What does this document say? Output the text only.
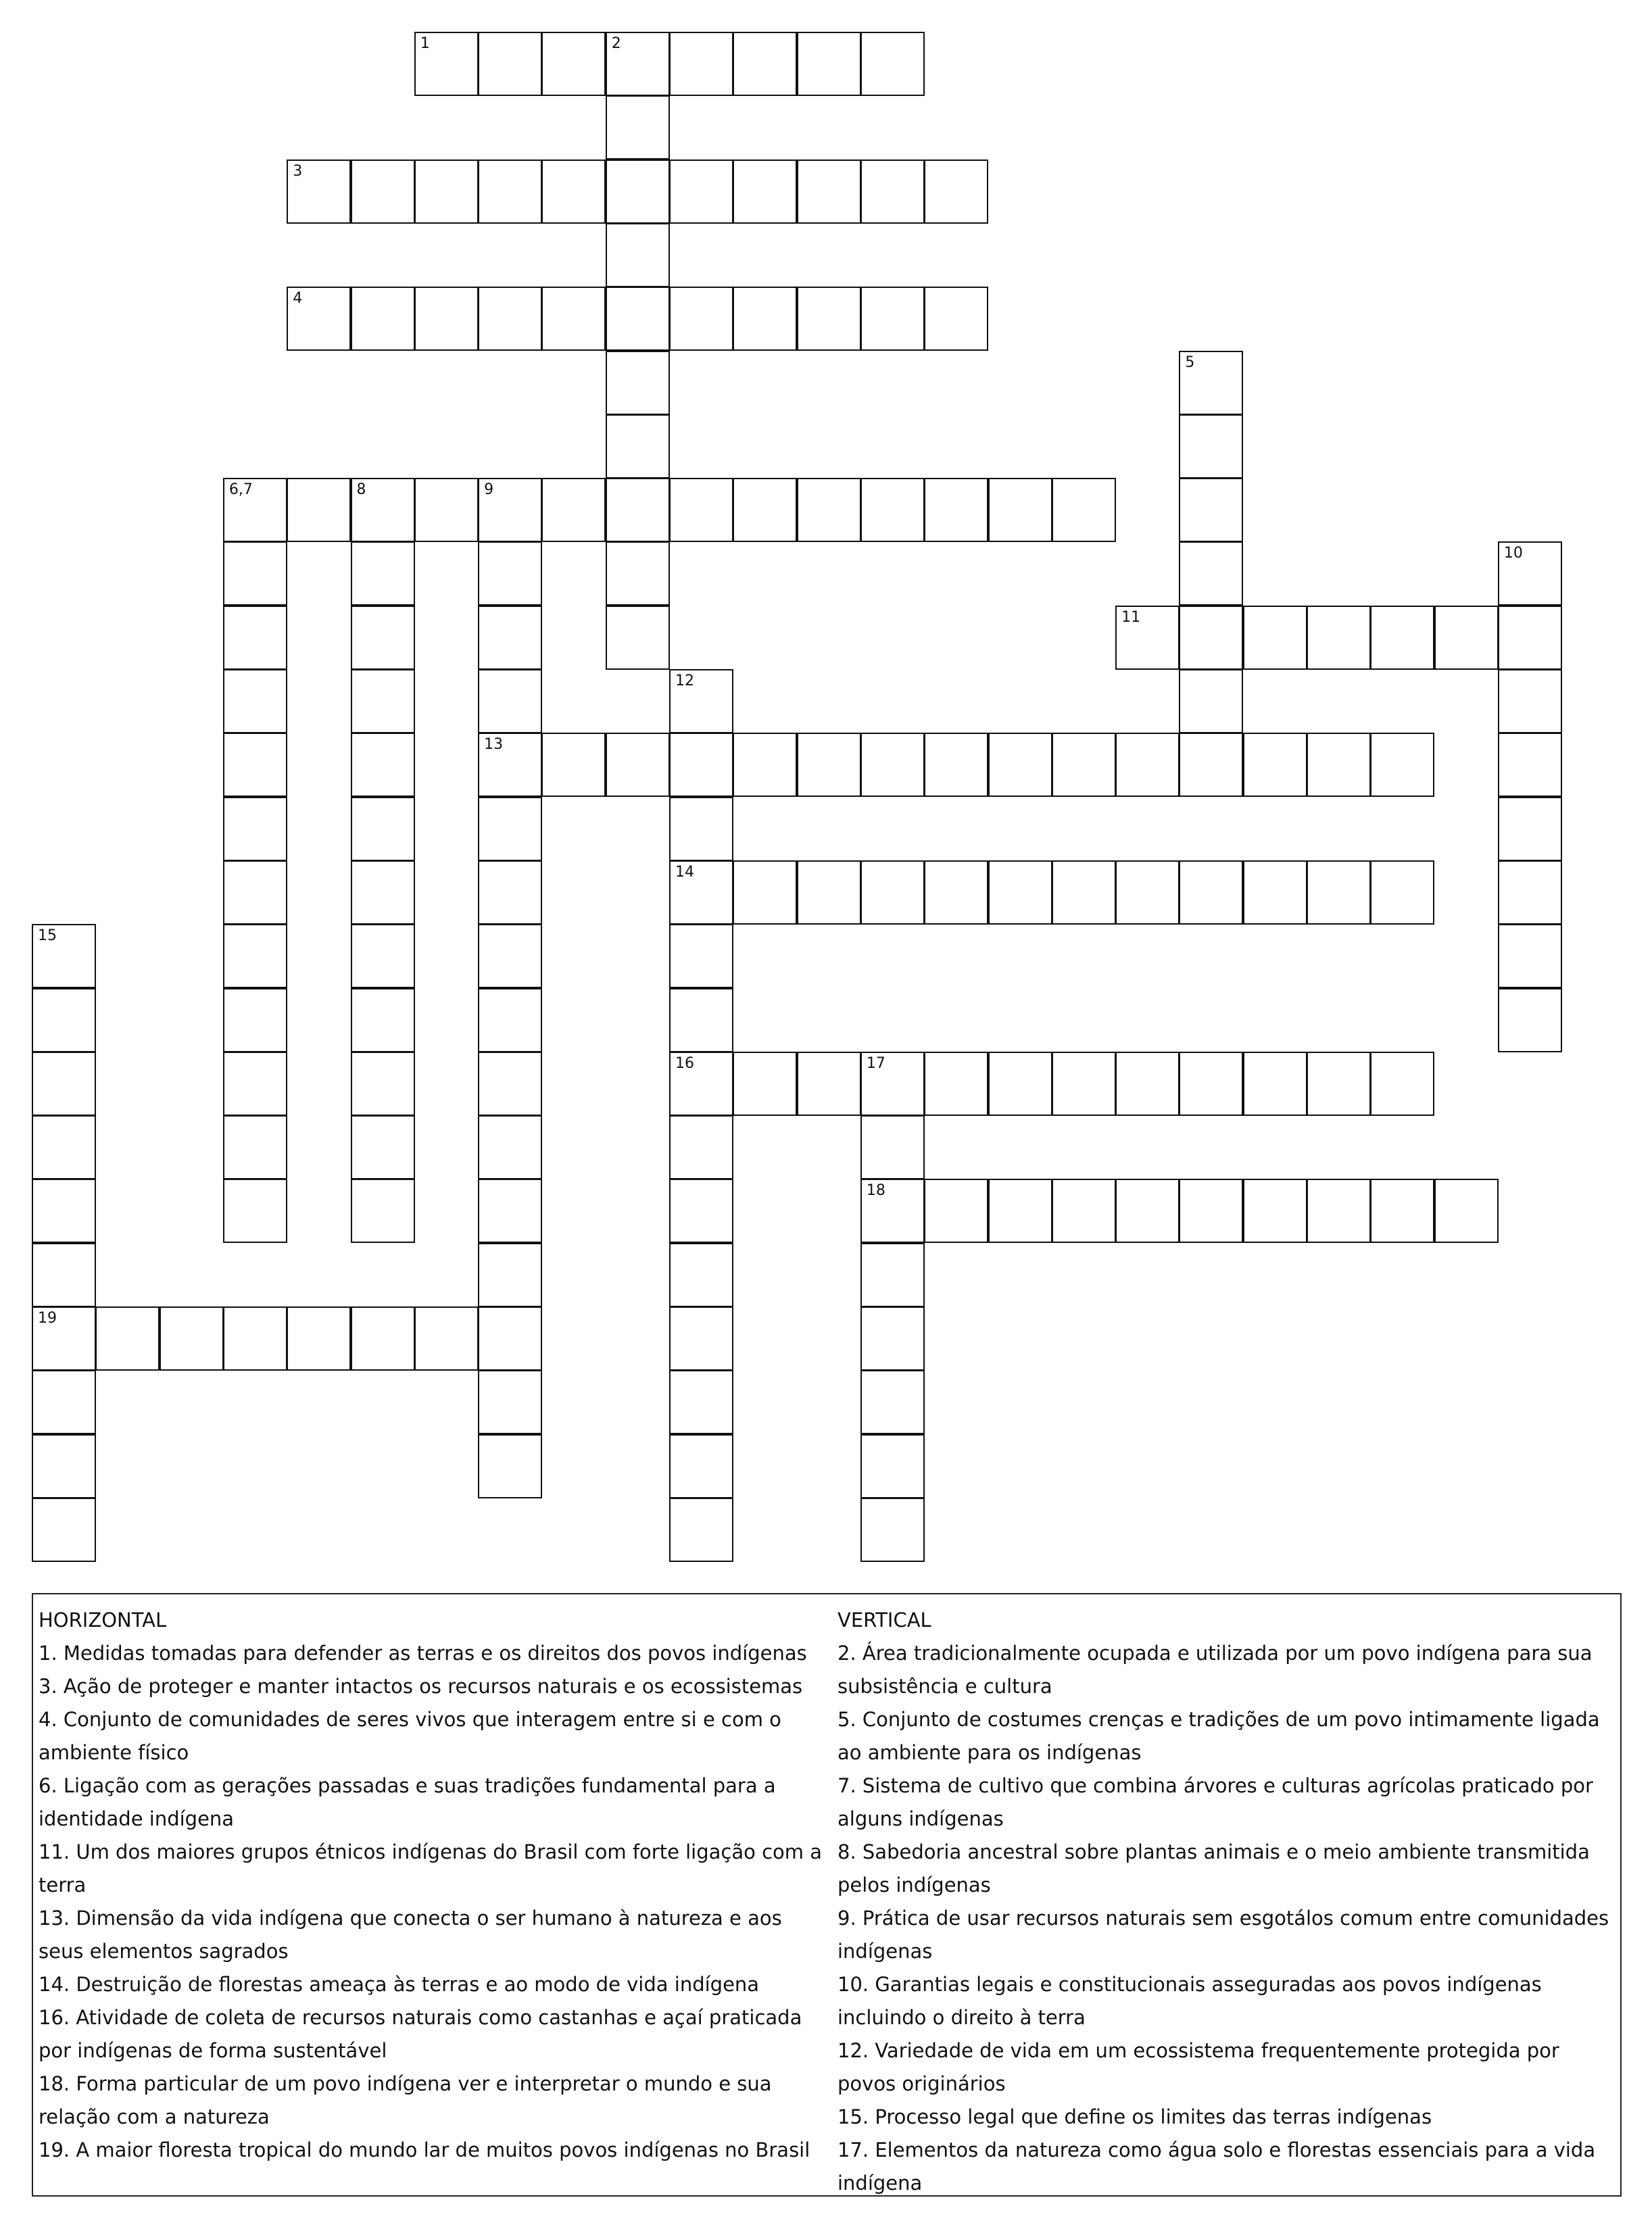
1	2
3
4
5
6,7	8	9
13
10
11
12
14
16
15
19
17
18
HORIZONTAL
1. Medidas tomadas para defender as terras e os direitos dos povos indígenas
3. Ação de proteger e manter intactos os recursos naturais e os ecossistemas
4. Conjunto de comunidades de seres vivos que interagem entre si e com o ambiente físico
6. Ligação com as gerações passadas e suas tradições fundamental para a identidade indígena
11. Um dos maiores grupos étnicos indígenas do Brasil com forte ligação com a terra
13. Dimensão da vida indígena que conecta o ser humano à natureza e aos seus elementos sagrados
14. Destruição de florestas ameaça às terras e ao modo de vida indígena
16. Atividade de coleta de recursos naturais como castanhas e açaí praticada por indígenas de forma sustentável
18. Forma particular de um povo indígena ver e interpretar o mundo e sua relação com a natureza
19. A maior floresta tropical do mundo lar de muitos povos indígenas no Brasil
VERTICAL
2. Área tradicionalmente ocupada e utilizada por um povo indígena para sua subsistência e cultura
5. Conjunto de costumes crenças e tradições de um povo intimamente ligada ao ambiente para os indígenas
7. Sistema de cultivo que combina árvores e culturas agrícolas praticado por alguns indígenas
8. Sabedoria ancestral sobre plantas animais e o meio ambiente transmitida pelos indígenas
9. Prática de usar recursos naturais sem esgotálos comum entre comunidades indígenas
10. Garantias legais e constitucionais asseguradas aos povos indígenas incluindo o direito à terra
12. Variedade de vida em um ecossistema frequentemente protegida por povos originários
15. Processo legal que define os limites das terras indígenas
17. Elementos da natureza como água solo e florestas essenciais para a vida indígena
